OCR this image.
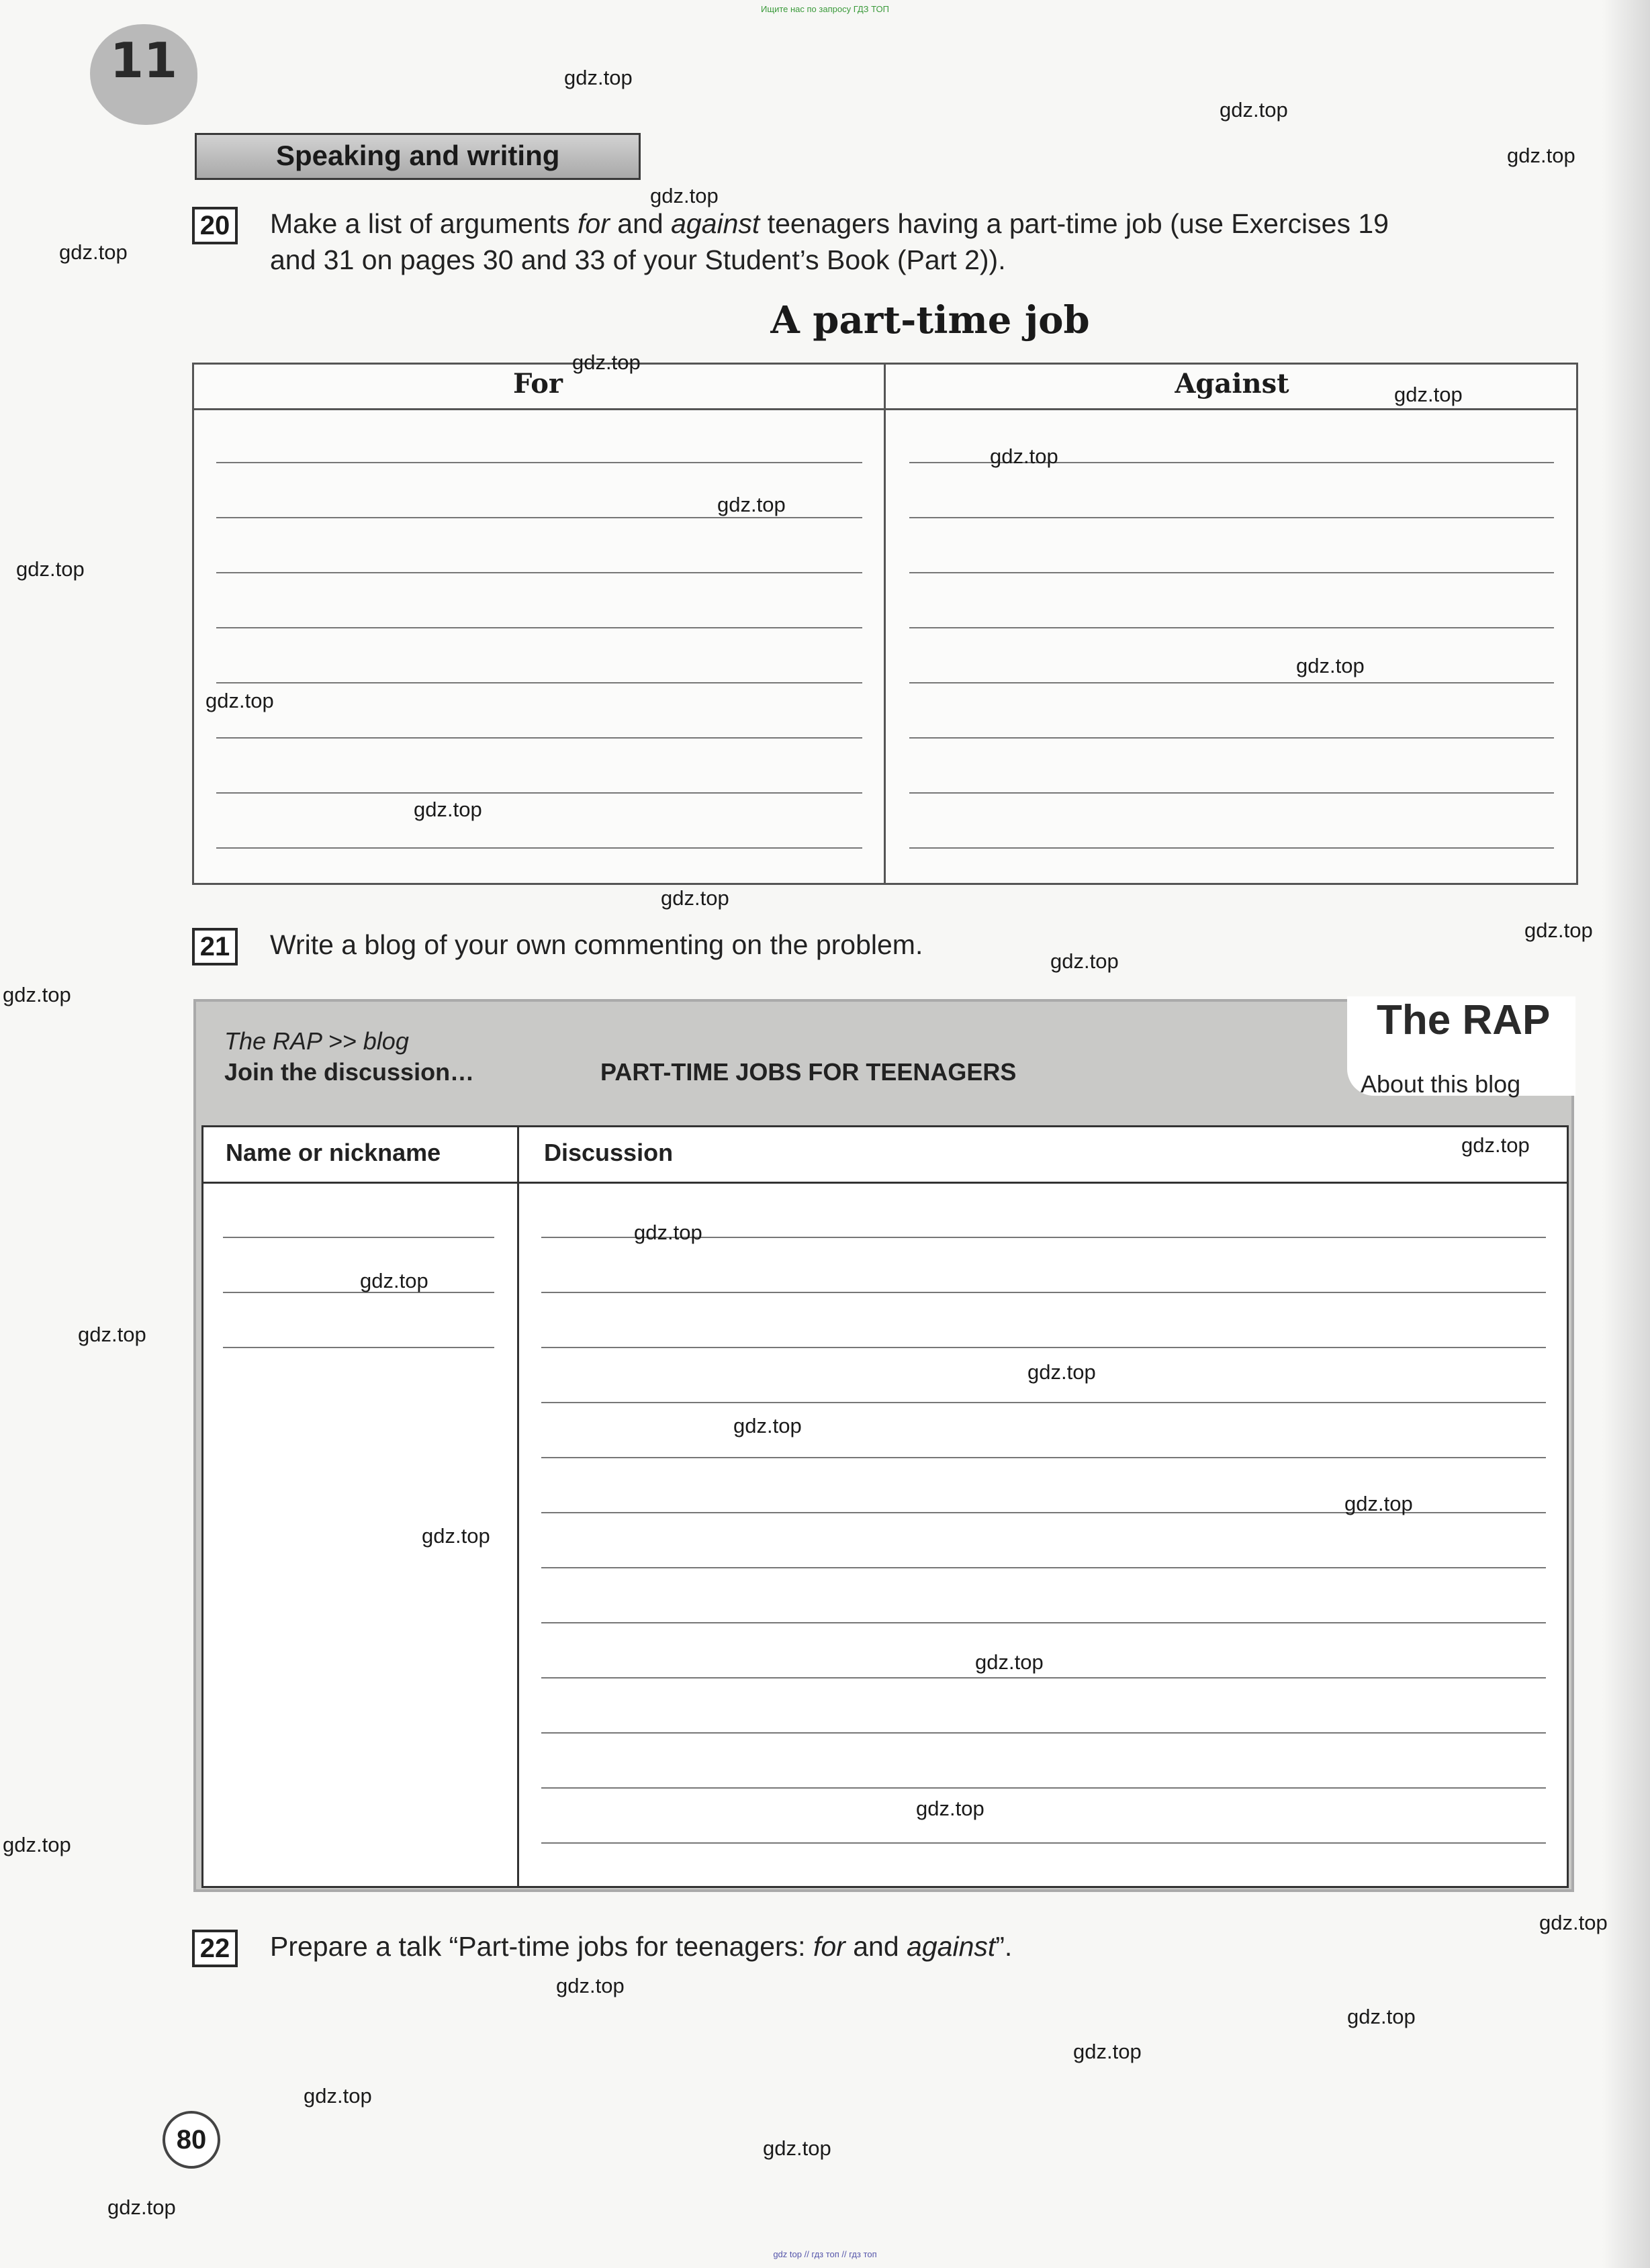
Ищите нас по запросу ГДЗ ТОП
11
Speaking and writing
20 Make a list of arguments for and against teenagers having a part-time job (use Exercises 19
and 31 on pages 30 and 33 of your Student’s Book (Part 2)).
A part-time job
For	Against
21 Write a blog of your own commenting on the problem.
The RAP
About this blog
The RAP >> blog
Join the discussion…	PART-TIME JOBS FOR TEENAGERS
Name or nickname	Discussion
22 Prepare a talk “Part-time jobs for teenagers: for and against”.
80
gdz.top
gdz.top
gdz.top
gdz.top
gdz.top
gdz.top
gdz.top
gdz.top
gdz.top
gdz.top
gdz.top
gdz.top
gdz.top
gdz.top
gdz.top
gdz.top
gdz.top
gdz.top
gdz.top
gdz.top
gdz.top
gdz.top
gdz.top
gdz.top
gdz.top
gdz.top
gdz.top
gdz.top
gdz.top
gdz.top
gdz.top
gdz.top
gdz.top
gdz.top
gdz.top
gdz top // гдз топ // гдз топ
